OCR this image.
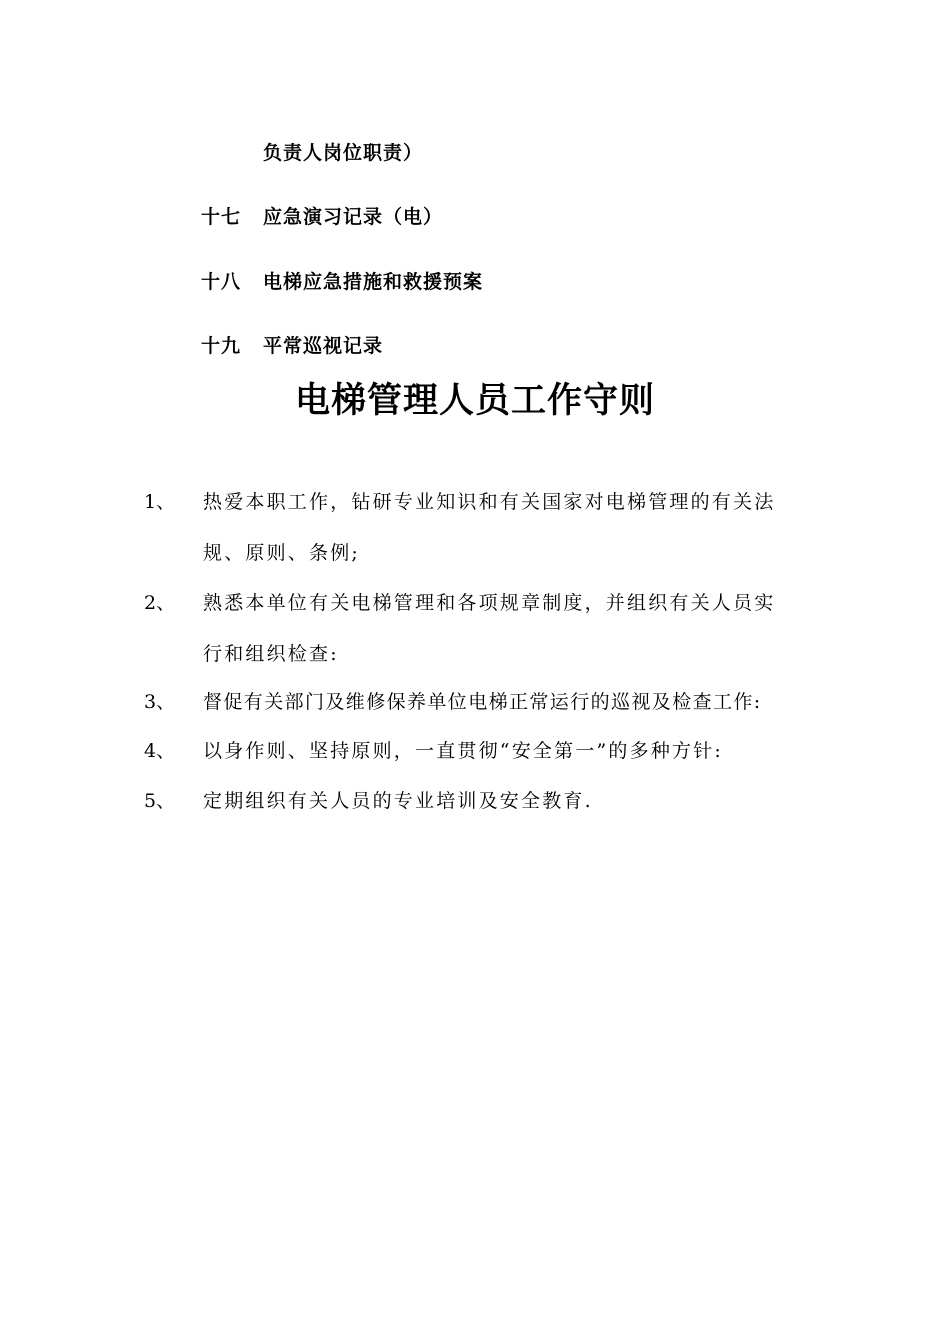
负责人岗位职责）
十七 应急演习记录（电）
十八 电梯应急措施和救援预案
十九 平常巡视记录
电梯管理人员工作守则
1、 热爱本职工作，钻研专业知识和有关国家对电梯管理的有关法
规、原则、条例;
2、 熟悉本单位有关电梯管理和各项规章制度，并组织有关人员实
行和组织检查:
3、 督促有关部门及维修保养单位电梯正常运行的巡视及检查工作:
4、 以身作则、坚持原则，一直贯彻“安全第一”的多种方针:
5、 定期组织有关人员的专业培训及安全教育.
